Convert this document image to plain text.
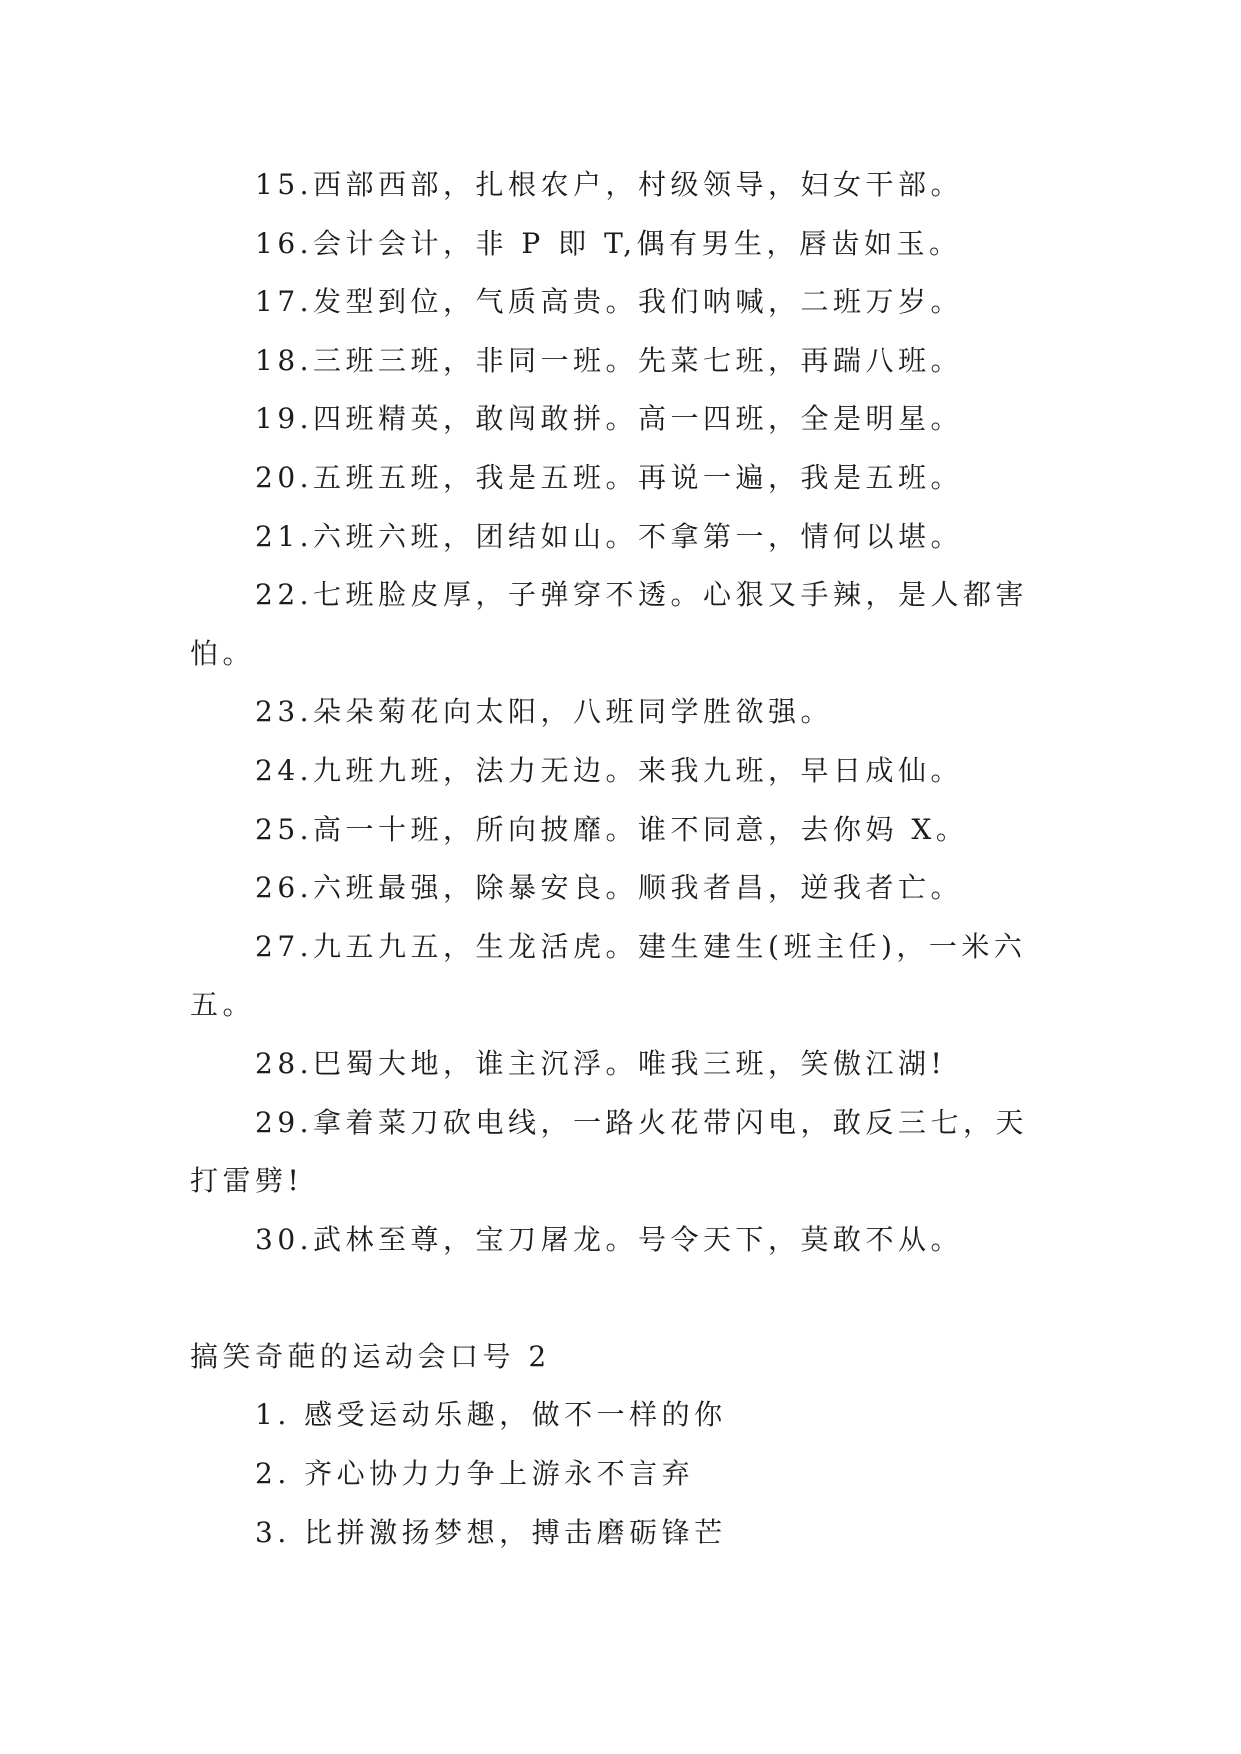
15.西部西部，扎根农户，村级领导，妇女干部。
16.会计会计，非 P 即 T,偶有男生，唇齿如玉。
17.发型到位，气质高贵。我们呐喊，二班万岁。
18.三班三班，非同一班。先菜七班，再踹八班。
19.四班精英，敢闯敢拼。高一四班，全是明星。
20.五班五班，我是五班。再说一遍，我是五班。
21.六班六班，团结如山。不拿第一，情何以堪。
22.七班脸皮厚，子弹穿不透。心狠又手辣，是人都害
怕。
23.朵朵菊花向太阳，八班同学胜欲强。
24.九班九班，法力无边。来我九班，早日成仙。
25.高一十班，所向披靡。谁不同意，去你妈 X。
26.六班最强，除暴安良。顺我者昌，逆我者亡。
27.九五九五，生龙活虎。建生建生(班主任)，一米六
五。
28.巴蜀大地，谁主沉浮。唯我三班，笑傲江湖!
29.拿着菜刀砍电线，一路火花带闪电，敢反三七，天
打雷劈!
30.武林至尊，宝刀屠龙。号令天下，莫敢不从。
搞笑奇葩的运动会口号 2
1. 感受运动乐趣，做不一样的你
2. 齐心协力力争上游永不言弃
3. 比拼激扬梦想，搏击磨砺锋芒
